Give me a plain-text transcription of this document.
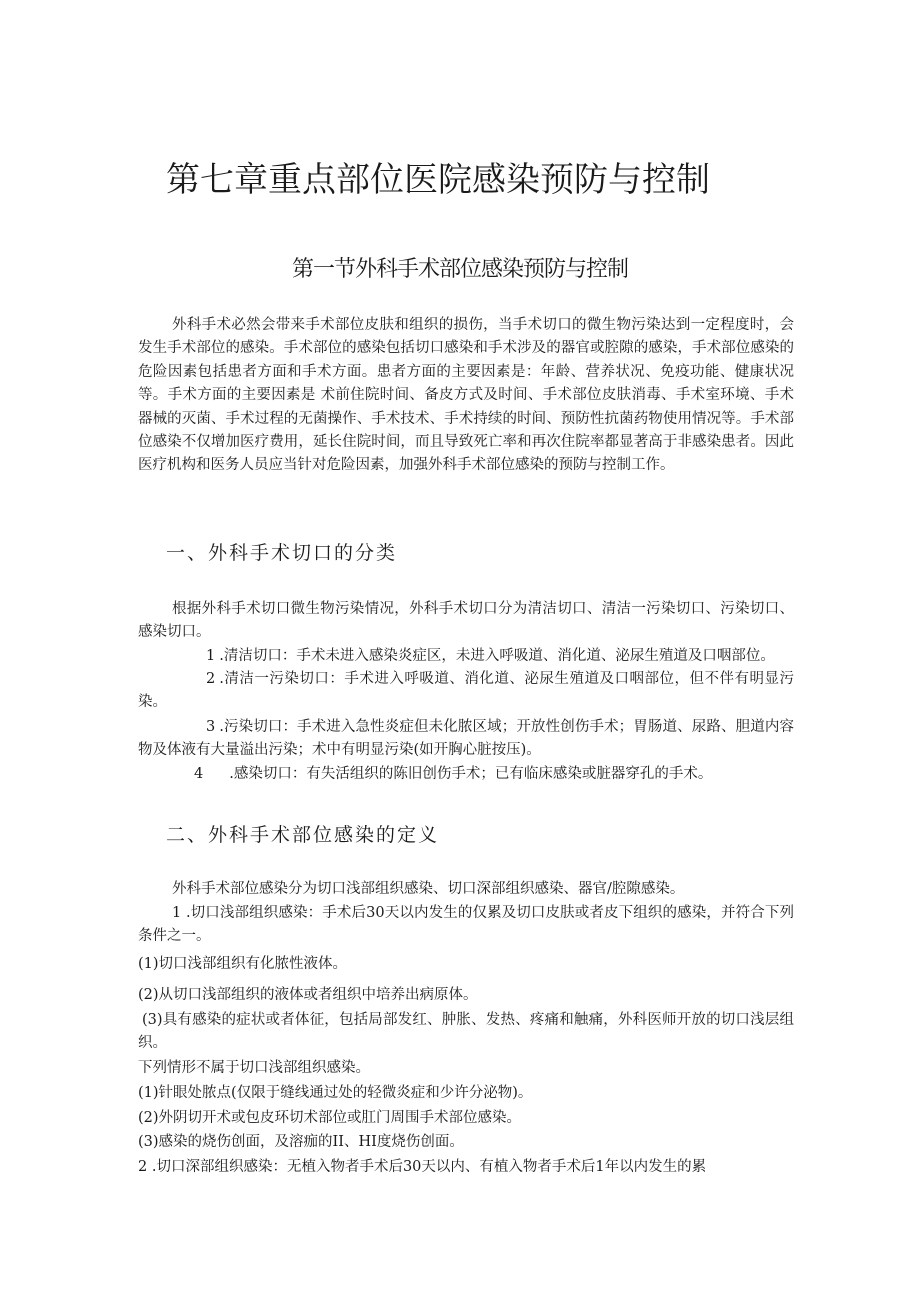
第七章重点部位医院感染预防与控制
第一节外科手术部位感染预防与控制

外科手术必然会带来手术部位皮肤和组织的损伤，当手术切口的微生物污染达到一定程度时，会发生手术部位的感染。手术部位的感染包括切口感染和手术涉及的器官或腔隙的感染，手术部位感染的危险因素包括患者方面和手术方面。患者方面的主要因素是：年龄、营养状况、免疫功能、健康状况等。手术方面的主要因素是 术前住院时间、备皮方式及时间、手术部位皮肤消毒、手术室环境、手术器械的灭菌、手术过程的无菌操作、手术技术、手术持续的时间、预防性抗菌药物使用情况等。手术部位感染不仅增加医疗费用，延长住院时间，而且导致死亡率和再次住院率都显著高于非感染患者。因此医疗机构和医务人员应当针对危险因素，加强外科手术部位感染的预防与控制工作。

一、外科手术切口的分类

根据外科手术切口微生物污染情况，外科手术切口分为清洁切口、清洁一污染切口、污染切口、感染切口。

1 .清洁切口：手术未进入感染炎症区，未进入呼吸道、消化道、泌尿生殖道及口咽部位。

2 .清洁一污染切口：手术进入呼吸道、消化道、泌尿生殖道及口咽部位，但不伴有明显污染。

3 .污染切口：手术进入急性炎症但未化脓区域；开放性创伤手术；胃肠道、尿路、胆道内容物及体液有大量溢出污染；术中有明显污染(如开胸心脏按压)。

4 .感染切口：有失活组织的陈旧创伤手术；已有临床感染或脏器穿孔的手术。

二、外科手术部位感染的定义

外科手术部位感染分为切口浅部组织感染、切口深部组织感染、器官/腔隙感染。

1 .切口浅部组织感染：手术后30天以内发生的仅累及切口皮肤或者皮下组织的感染，并符合下列条件之一。

(1)切口浅部组织有化脓性液体。

(2)从切口浅部组织的液体或者组织中培养出病原体。

(3)具有感染的症状或者体征，包括局部发红、肿胀、发热、疼痛和触痛，外科医师开放的切口浅层组织。

下列情形不属于切口浅部组织感染。

(1)针眼处脓点(仅限于缝线通过处的轻微炎症和少许分泌物)。

(2)外阴切开术或包皮环切术部位或肛门周围手术部位感染。

(3)感染的烧伤创面，及溶痂的II、HI度烧伤创面。

2 .切口深部组织感染：无植入物者手术后30天以内、有植入物者手术后1年以内发生的累
